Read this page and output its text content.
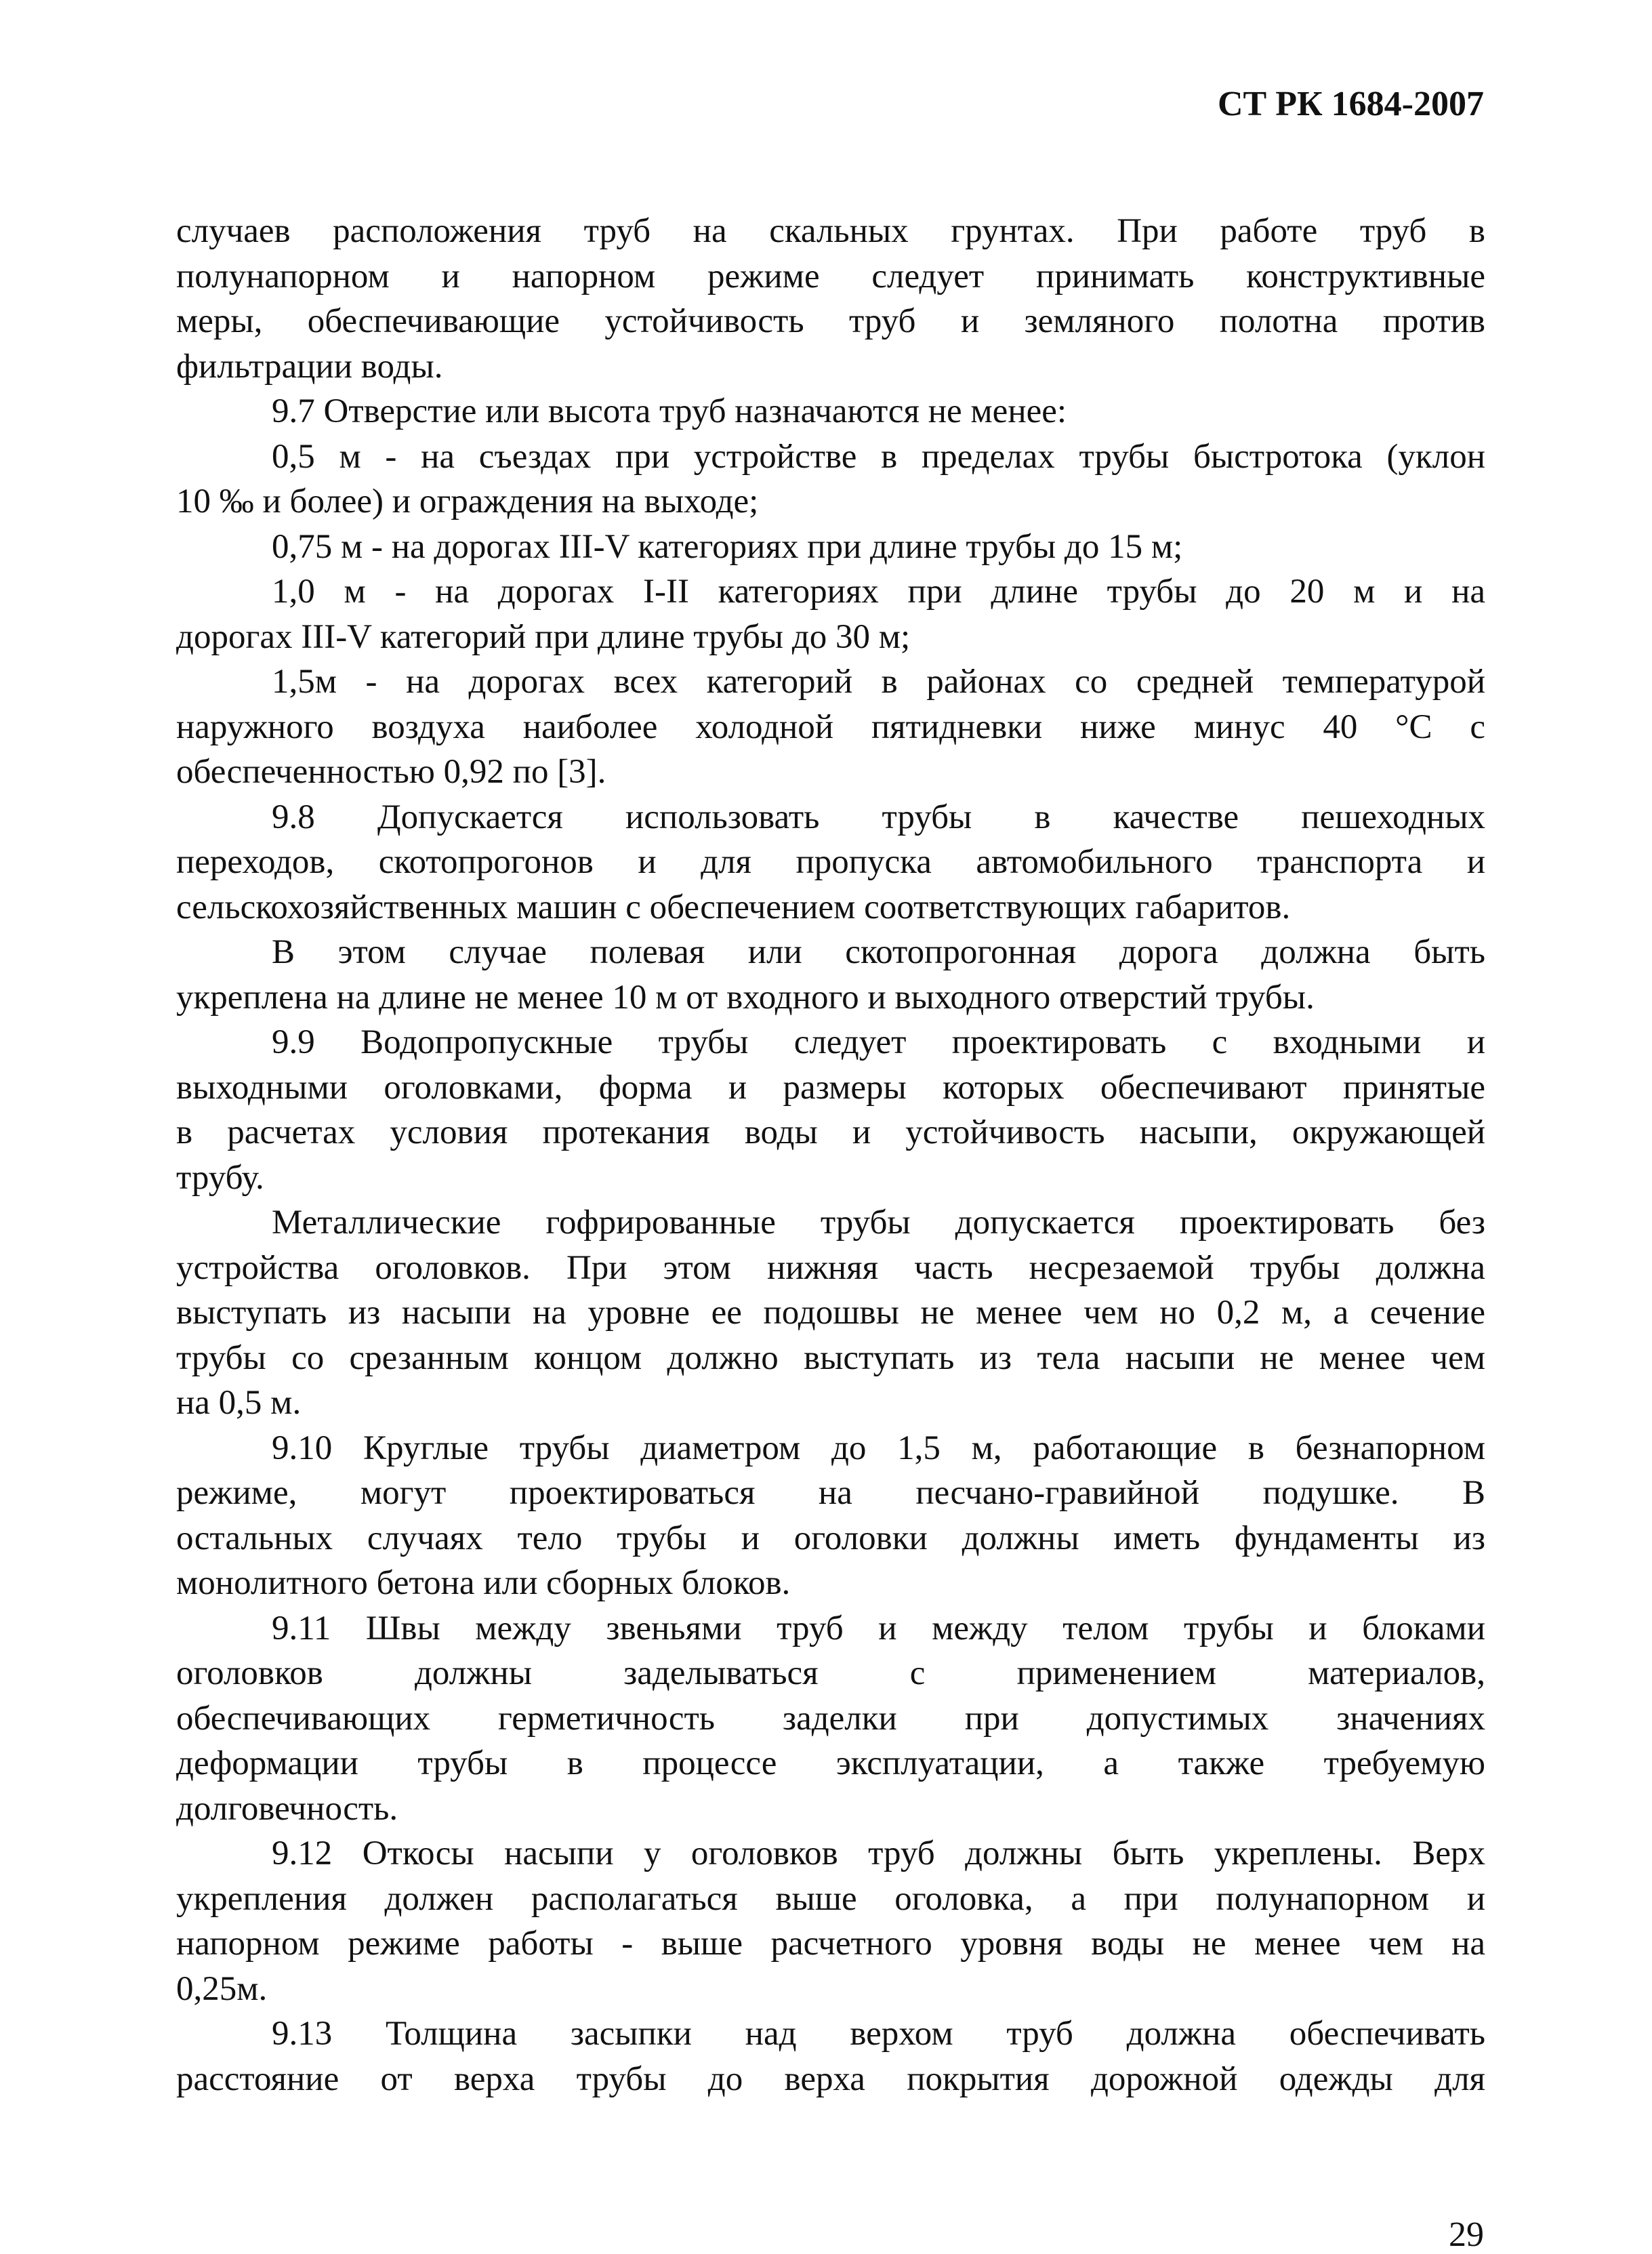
СТ РК 1684-2007
случаев расположения труб на скальных грунтах. При работе труб в
полунапорном и напорном режиме следует принимать конструктивные
меры, обеспечивающие устойчивость труб и земляного полотна против
фильтрации воды.
9.7 Отверстие или высота труб назначаются не менее:
0,5 м - на съездах при устройстве в пределах трубы быстротока (уклон
10 ‰ и более) и ограждения на выходе;
0,75 м - на дорогах III-V категориях при длине трубы до 15 м;
1,0 м - на дорогах I-II категориях при длине трубы до 20 м и на
дорогах III-V категорий при длине трубы до 30 м;
1,5м - на дорогах всех категорий в районах со средней температурой
наружного воздуха наиболее холодной пятидневки ниже минус 40 °С с
обеспеченностью 0,92 по [3].
9.8 Допускается использовать трубы в качестве пешеходных
переходов, скотопрогонов и для пропуска автомобильного транспорта и
сельскохозяйственных машин с обеспечением соответствующих габаритов.
В этом случае полевая или скотопрогонная дорога должна быть
укреплена на длине не менее 10 м от входного и выходного отверстий трубы.
9.9 Водопропускные трубы следует проектировать с входными и
выходными оголовками, форма и размеры которых обеспечивают принятые
в расчетах условия протекания воды и устойчивость насыпи, окружающей
трубу.
Металлические гофрированные трубы допускается проектировать без
устройства оголовков. При этом нижняя часть несрезаемой трубы должна
выступать из насыпи на уровне ее подошвы не менее чем но 0,2 м, а сечение
трубы со срезанным концом должно выступать из тела насыпи не менее чем
на 0,5 м.
9.10 Круглые трубы диаметром до 1,5 м, работающие в безнапорном
режиме, могут проектироваться на песчано-гравийной подушке. В
остальных случаях тело трубы и оголовки должны иметь фундаменты из
монолитного бетона или сборных блоков.
9.11 Швы между звеньями труб и между телом трубы и блоками
оголовков должны заделываться с применением материалов,
обеспечивающих герметичность заделки при допустимых значениях
деформации трубы в процессе эксплуатации, а также требуемую
долговечность.
9.12 Откосы насыпи у оголовков труб должны быть укреплены. Верх
укрепления должен располагаться выше оголовка, а при полунапорном и
напорном режиме работы - выше расчетного уровня воды не менее чем на
0,25м.
9.13 Толщина засыпки над верхом труб должна обеспечивать
расстояние от верха трубы до верха покрытия дорожной одежды для
29
